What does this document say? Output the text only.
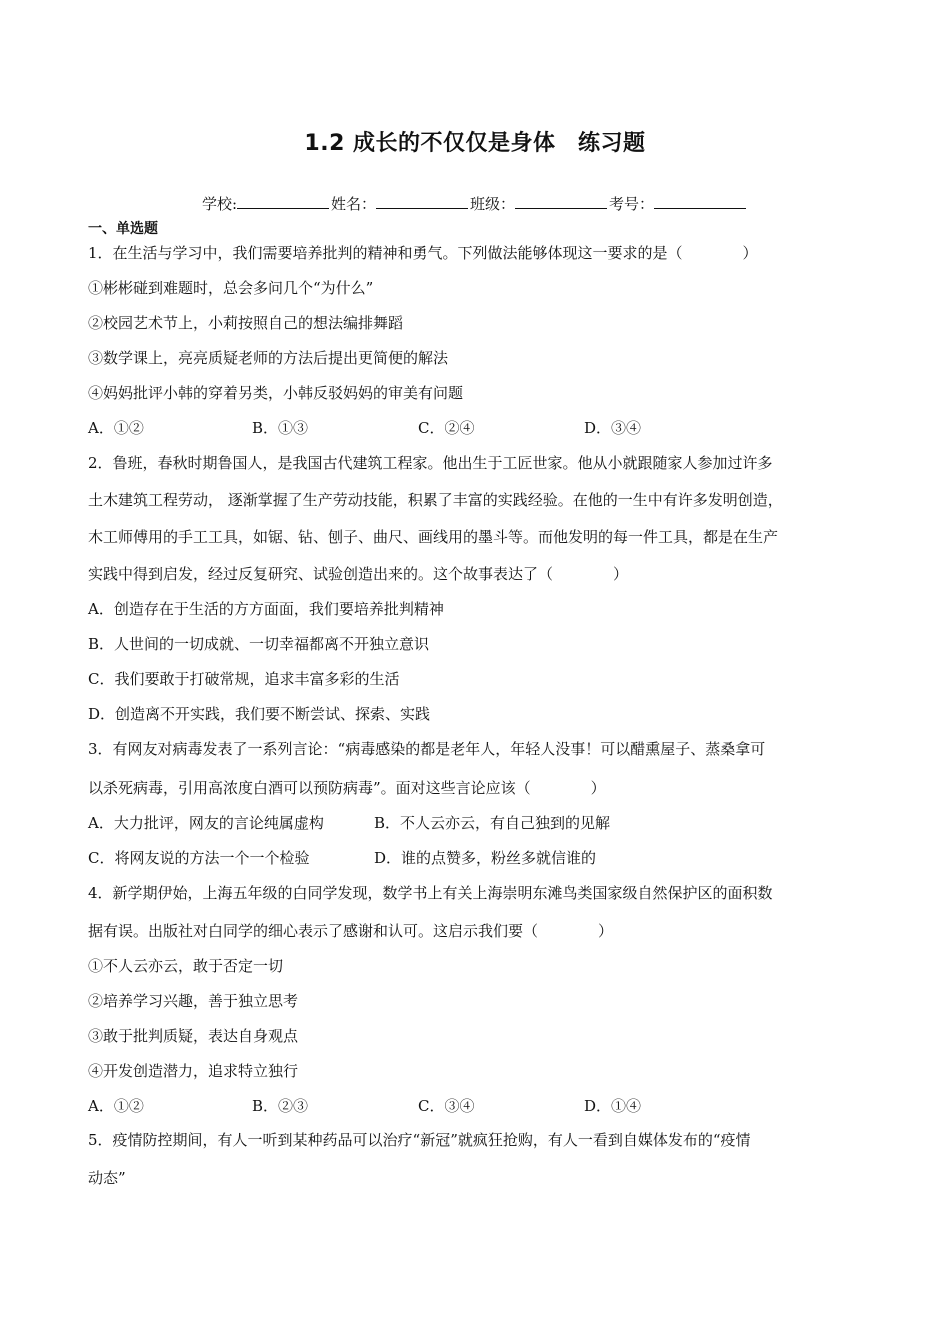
1.2 成长的不仅仅是身体　练习题
学校:	姓名：	班级：	考号：
一、单选题
1．在生活与学习中，我们需要培养批判的精神和勇气。下列做法能够体现这一要求的是（　　　　）
①彬彬碰到难题时，总会多问几个“为什么”
②校园艺术节上，小莉按照自己的想法编排舞蹈
③数学课上，亮亮质疑老师的方法后提出更简便的解法
④妈妈批评小韩的穿着另类，小韩反驳妈妈的审美有问题
A．①②	B．①③	C．②④	D．③④
2．鲁班，春秋时期鲁国人，是我国古代建筑工程家。他出生于工匠世家。他从小就跟随家人参加过许多
土木建筑工程劳动， 逐渐掌握了生产劳动技能，积累了丰富的实践经验。在他的一生中有许多发明创造，
木工师傅用的手工工具，如锯、钻、刨子、曲尺、画线用的墨斗等。而他发明的每一件工具，都是在生产
实践中得到启发，经过反复研究、试验创造出来的。这个故事表达了（　　　　）
A．创造存在于生活的方方面面，我们要培养批判精神
B．人世间的一切成就、一切幸福都离不开独立意识
C．我们要敢于打破常规，追求丰富多彩的生活
D．创造离不开实践，我们要不断尝试、探索、实践
3．有网友对病毒发表了一系列言论：“病毒感染的都是老年人，年轻人没事！可以醋熏屋子、蒸桑拿可
以杀死病毒，引用高浓度白酒可以预防病毒”。面对这些言论应该（　　　　）
A．大力批评，网友的言论纯属虚构	B．不人云亦云，有自己独到的见解
C．将网友说的方法一个一个检验	D．谁的点赞多，粉丝多就信谁的
4．新学期伊始，上海五年级的白同学发现，数学书上有关上海崇明东滩鸟类国家级自然保护区的面积数
据有误。出版社对白同学的细心表示了感谢和认可。这启示我们要（　　　　）
①不人云亦云，敢于否定一切
②培养学习兴趣，善于独立思考
③敢于批判质疑，表达自身观点
④开发创造潜力，追求特立独行
A．①②	B．②③	C．③④	D．①④
5．疫情防控期间，有人一听到某种药品可以治疗“新冠”就疯狂抢购，有人一看到自媒体发布的“疫情
动态”
